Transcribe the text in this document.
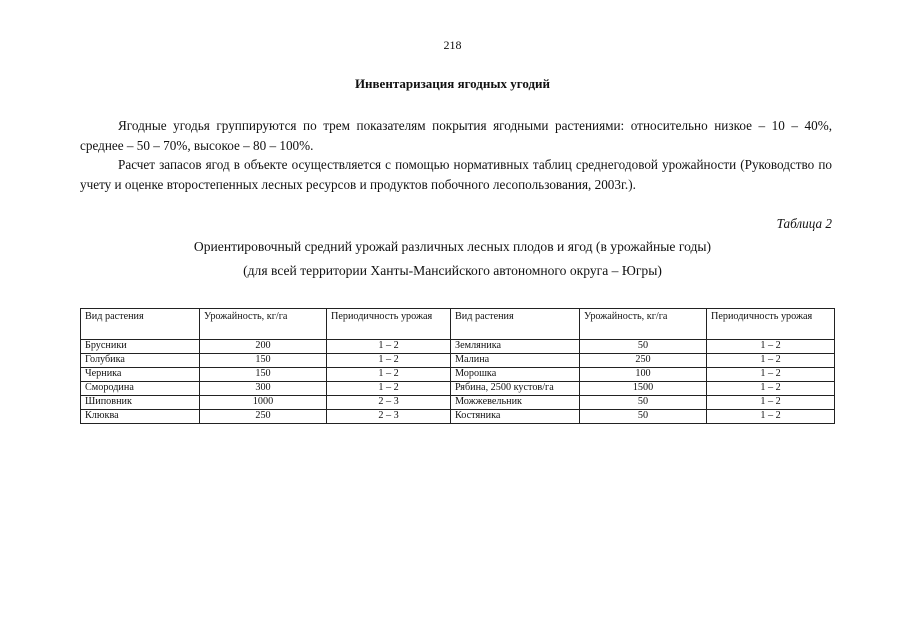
218
Инвентаризация ягодных угодий

Ягодные угодья группируются по трем показателям покрытия ягодными растениями: относительно низкое – 10 – 40%, среднее – 50 – 70%, высокое – 80 – 100%.

Расчет запасов ягод в объекте осуществляется с помощью нормативных таблиц среднегодовой урожайности (Руководство по учету и оценке второстепенных лесных ресурсов и продуктов побочного лесопользования, 2003г.).

Таблица 2

Ориентировочный средний урожай различных лесных плодов и ягод (в урожайные годы)

(для всей территории Ханты-Мансийского автономного округа – Югры)

Вид растения	Урожайность, кг/га	Периодичность урожая	Вид растения	Урожайность, кг/га	Периодичность урожая
Брусники	200	1 – 2	Земляника	50	1 – 2
Голубика	150	1 – 2	Малина	250	1 – 2
Черника	150	1 – 2	Морошка	100	1 – 2
Смородина	300	1 – 2	Рябина, 2500 кустов/га	1500	1 – 2
Шиповник	1000	2 – 3	Можжевельник	50	1 – 2
Клюква	250	2 – 3	Костяника	50	1 – 2
